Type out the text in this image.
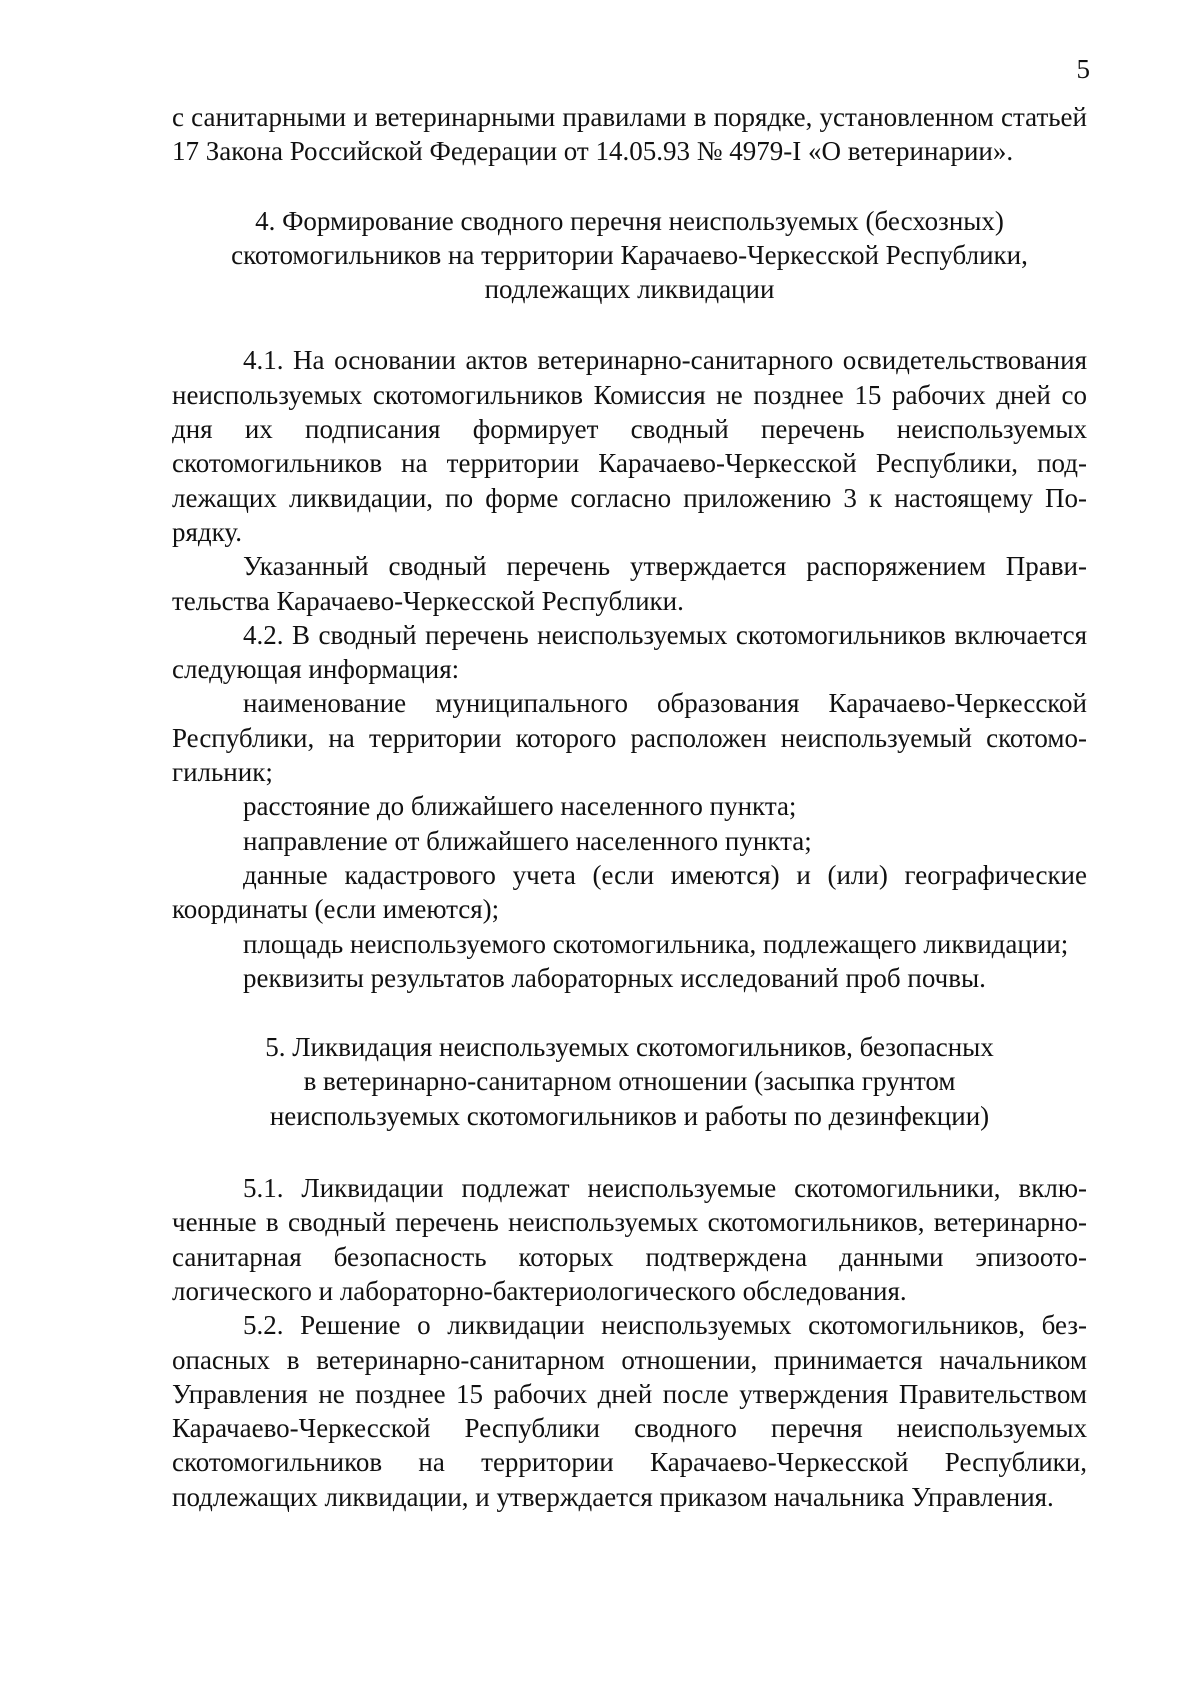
5

с санитарными и ветеринарными правилами в порядке, установленном статьей 17 Закона Российской Федерации от 14.05.93 № 4979-I «О ветеринарии».

4. Формирование сводного перечня неиспользуемых (бесхозных)
скотомогильников на территории Карачаево-Черкесской Республики,
подлежащих ликвидации

4.1. На основании актов ветеринарно-санитарного освидетельствования неиспользуемых скотомогильников Комиссия не позднее 15 рабочих дней со дня их подписания формирует сводный перечень неиспользуемых скотомогильников на территории Карачаево-Черкесской Республики, подлежащих ликвидации, по форме согласно приложению 3 к настоящему Порядку.

Указанный сводный перечень утверждается распоряжением Правительства Карачаево-Черкесской Республики.

4.2. В сводный перечень неиспользуемых скотомогильников включается следующая информация:

наименование муниципального образования Карачаево-Черкесской Республики, на территории которого расположен неиспользуемый скотомогильник;

расстояние до ближайшего населенного пункта;

направление от ближайшего населенного пункта;

данные кадастрового учета (если имеются) и (или) географические координаты (если имеются);

площадь неиспользуемого скотомогильника, подлежащего ликвидации;

реквизиты результатов лабораторных исследований проб почвы.

5. Ликвидация неиспользуемых скотомогильников, безопасных
в ветеринарно-санитарном отношении (засыпка грунтом
неиспользуемых скотомогильников и работы по дезинфекции)

5.1. Ликвидации подлежат неиспользуемые скотомогильники, включенные в сводный перечень неиспользуемых скотомогильников, ветеринарно-санитарная безопасность которых подтверждена данными эпизоотологического и лабораторно-бактериологического обследования.

5.2. Решение о ликвидации неиспользуемых скотомогильников, безопасных в ветеринарно-санитарном отношении, принимается начальником Управления не позднее 15 рабочих дней после утверждения Правительством Карачаево-Черкесской Республики сводного перечня неиспользуемых скотомогильников на территории Карачаево-Черкесской Республики, подлежащих ликвидации, и утверждается приказом начальника Управления.
